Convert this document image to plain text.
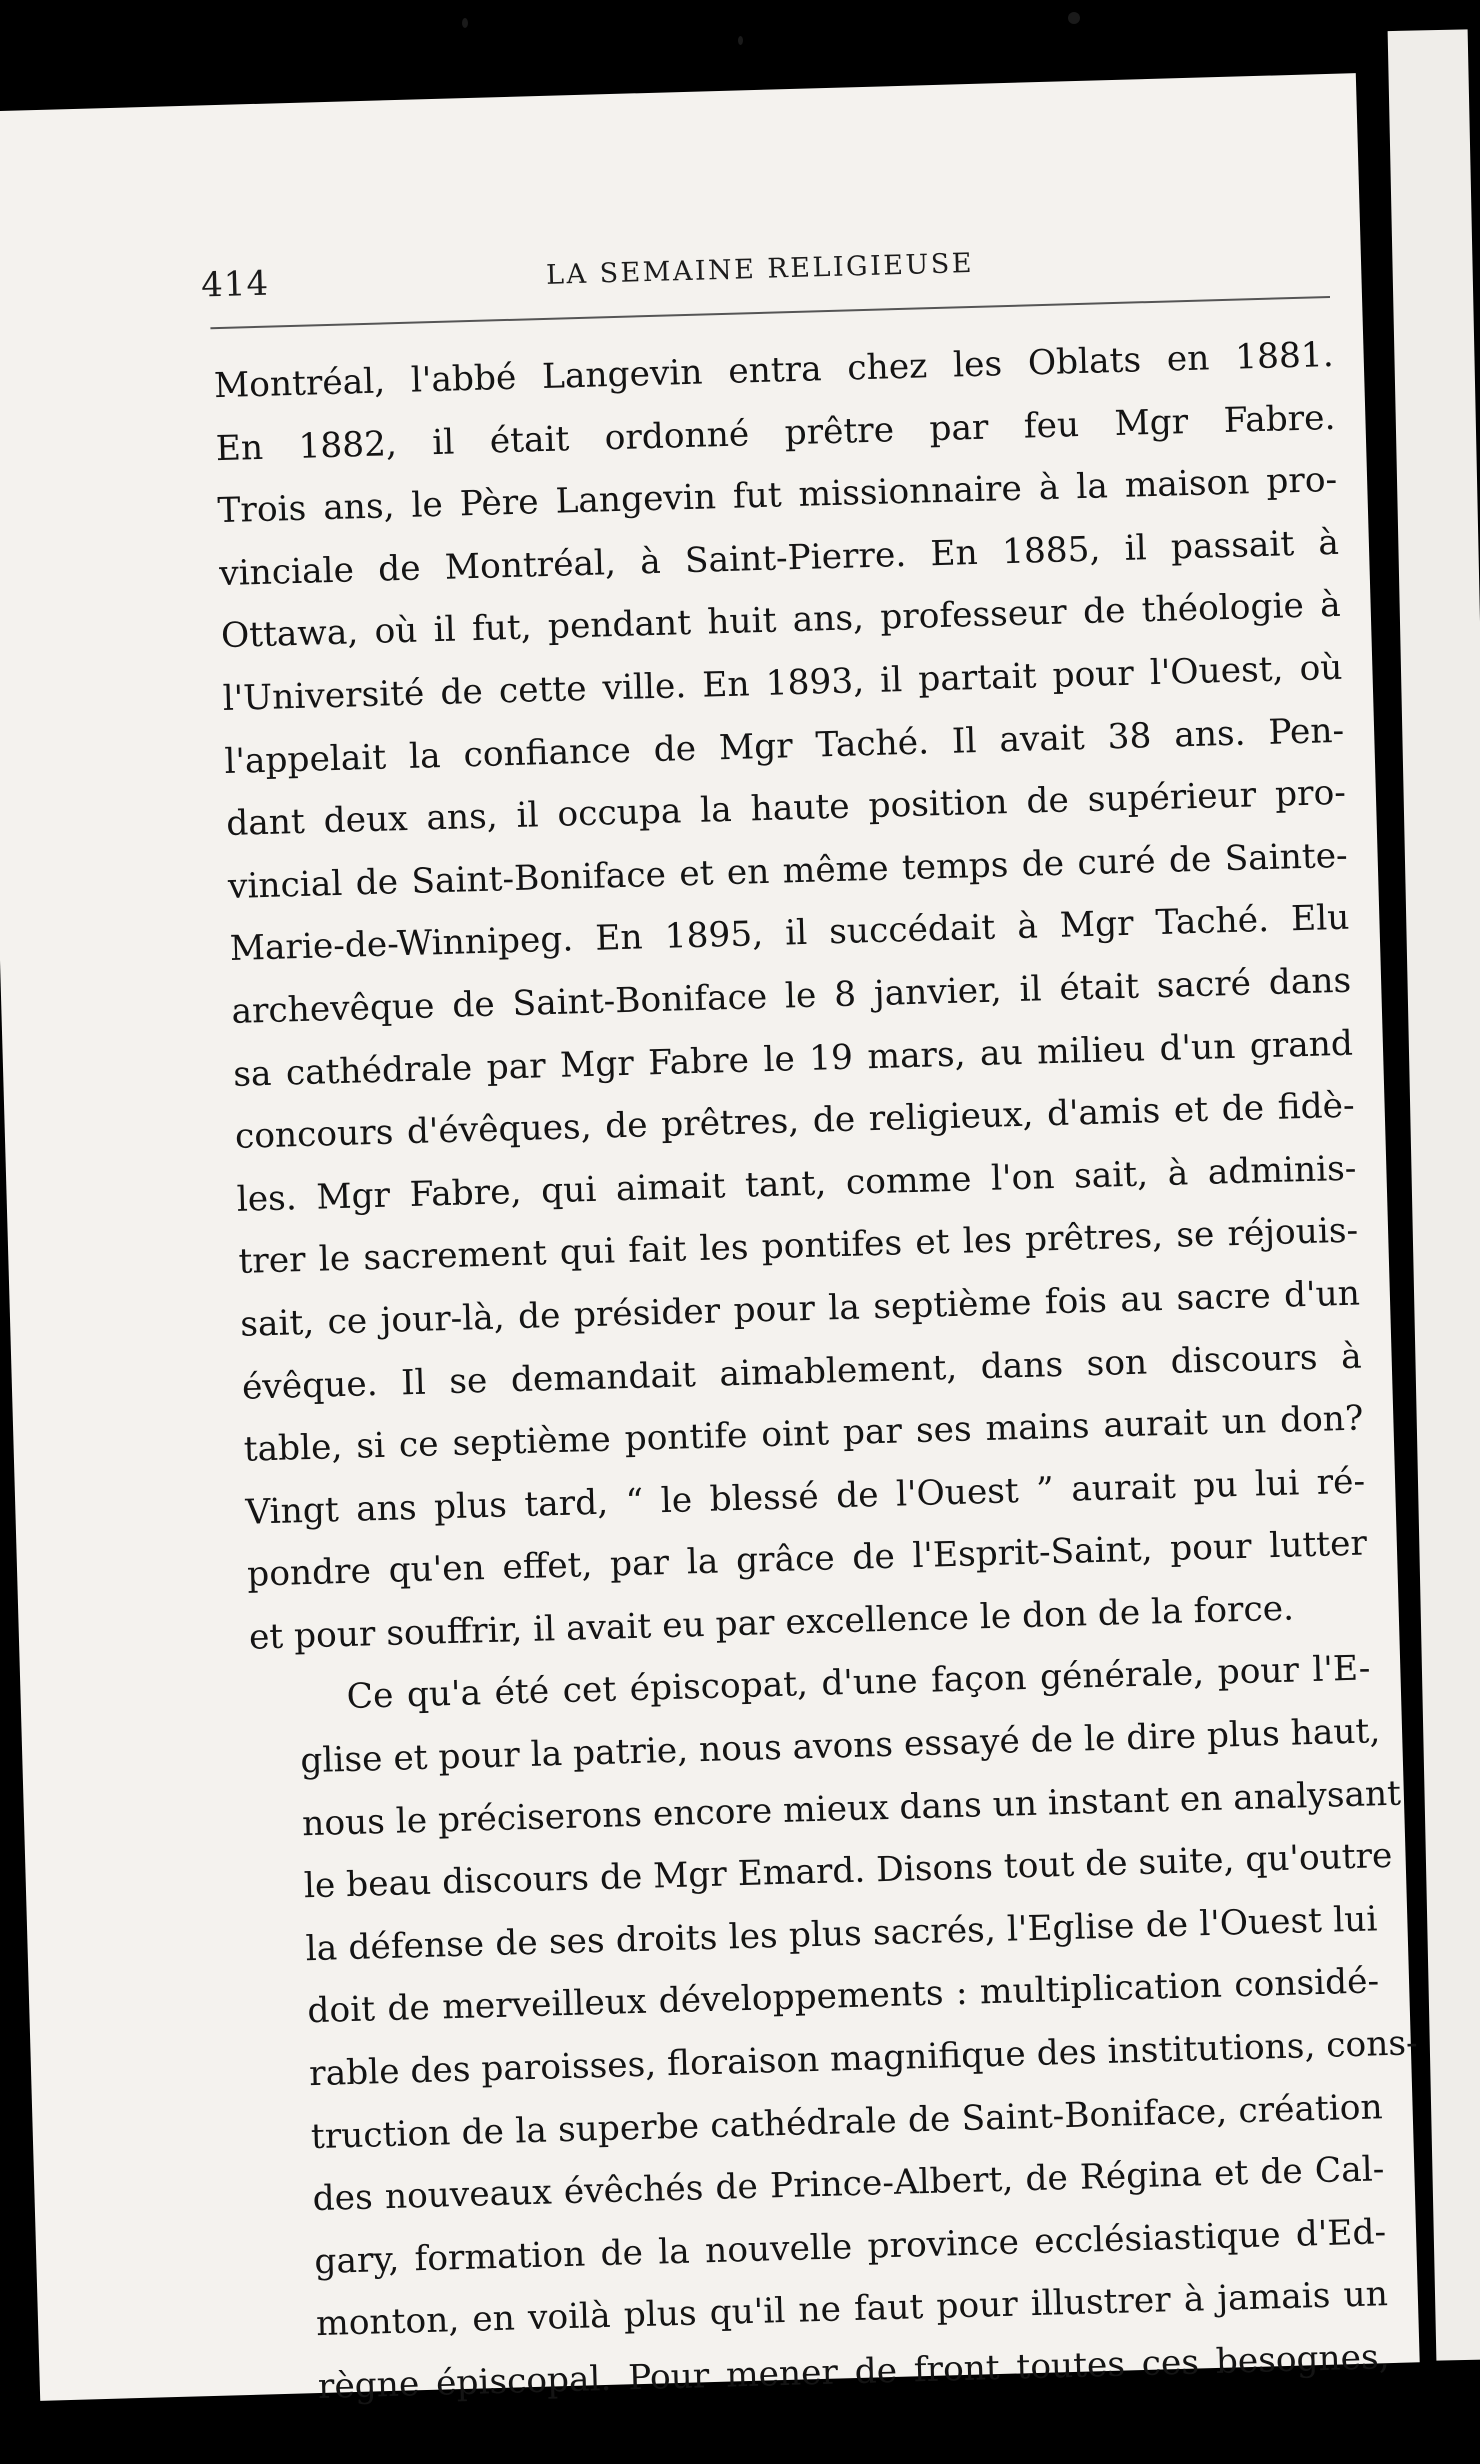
414	LA SEMAINE RELIGIEUSE

Montréal, l'abbé Langevin entra chez les Oblats en 1881.
En 1882, il était ordonné prêtre par feu Mgr Fabre.
Trois ans, le Père Langevin fut missionnaire à la maison pro-
vinciale de Montréal, à Saint-Pierre. En 1885, il passait à
Ottawa, où il fut, pendant huit ans, professeur de théologie à
l'Université de cette ville. En 1893, il partait pour l'Ouest, où
l'appelait la confiance de Mgr Taché. Il avait 38 ans. Pen-
dant deux ans, il occupa la haute position de supérieur pro-
vincial de Saint-Boniface et en même temps de curé de Sainte-
Marie-de-Winnipeg. En 1895, il succédait à Mgr Taché. Elu
archevêque de Saint-Boniface le 8 janvier, il était sacré dans
sa cathédrale par Mgr Fabre le 19 mars, au milieu d'un grand
concours d'évêques, de prêtres, de religieux, d'amis et de fidè-
les. Mgr Fabre, qui aimait tant, comme l'on sait, à adminis-
trer le sacrement qui fait les pontifes et les prêtres, se réjouis-
sait, ce jour-là, de présider pour la septième fois au sacre d'un
évêque. Il se demandait aimablement, dans son discours à
table, si ce septième pontife oint par ses mains aurait un don?
Vingt ans plus tard, “ le blessé de l'Ouest ” aurait pu lui ré-
pondre qu'en effet, par la grâce de l'Esprit-Saint, pour lutter
et pour souffrir, il avait eu par excellence le don de la force.

Ce qu'a été cet épiscopat, d'une façon générale, pour l'E-
glise et pour la patrie, nous avons essayé de le dire plus haut,
nous le préciserons encore mieux dans un instant en analysant
le beau discours de Mgr Emard. Disons tout de suite, qu'outre
la défense de ses droits les plus sacrés, l'Eglise de l'Ouest lui
doit de merveilleux développements : multiplication considé-
rable des paroisses, floraison magnifique des institutions, cons-
truction de la superbe cathédrale de Saint-Boniface, création
des nouveaux évêchés de Prince-Albert, de Régina et de Cal-
gary, formation de la nouvelle province ecclésiastique d'Ed-
monton, en voilà plus qu'il ne faut pour illustrer à jamais un
règne épiscopal. Pour mener de front toutes ces besognes,
